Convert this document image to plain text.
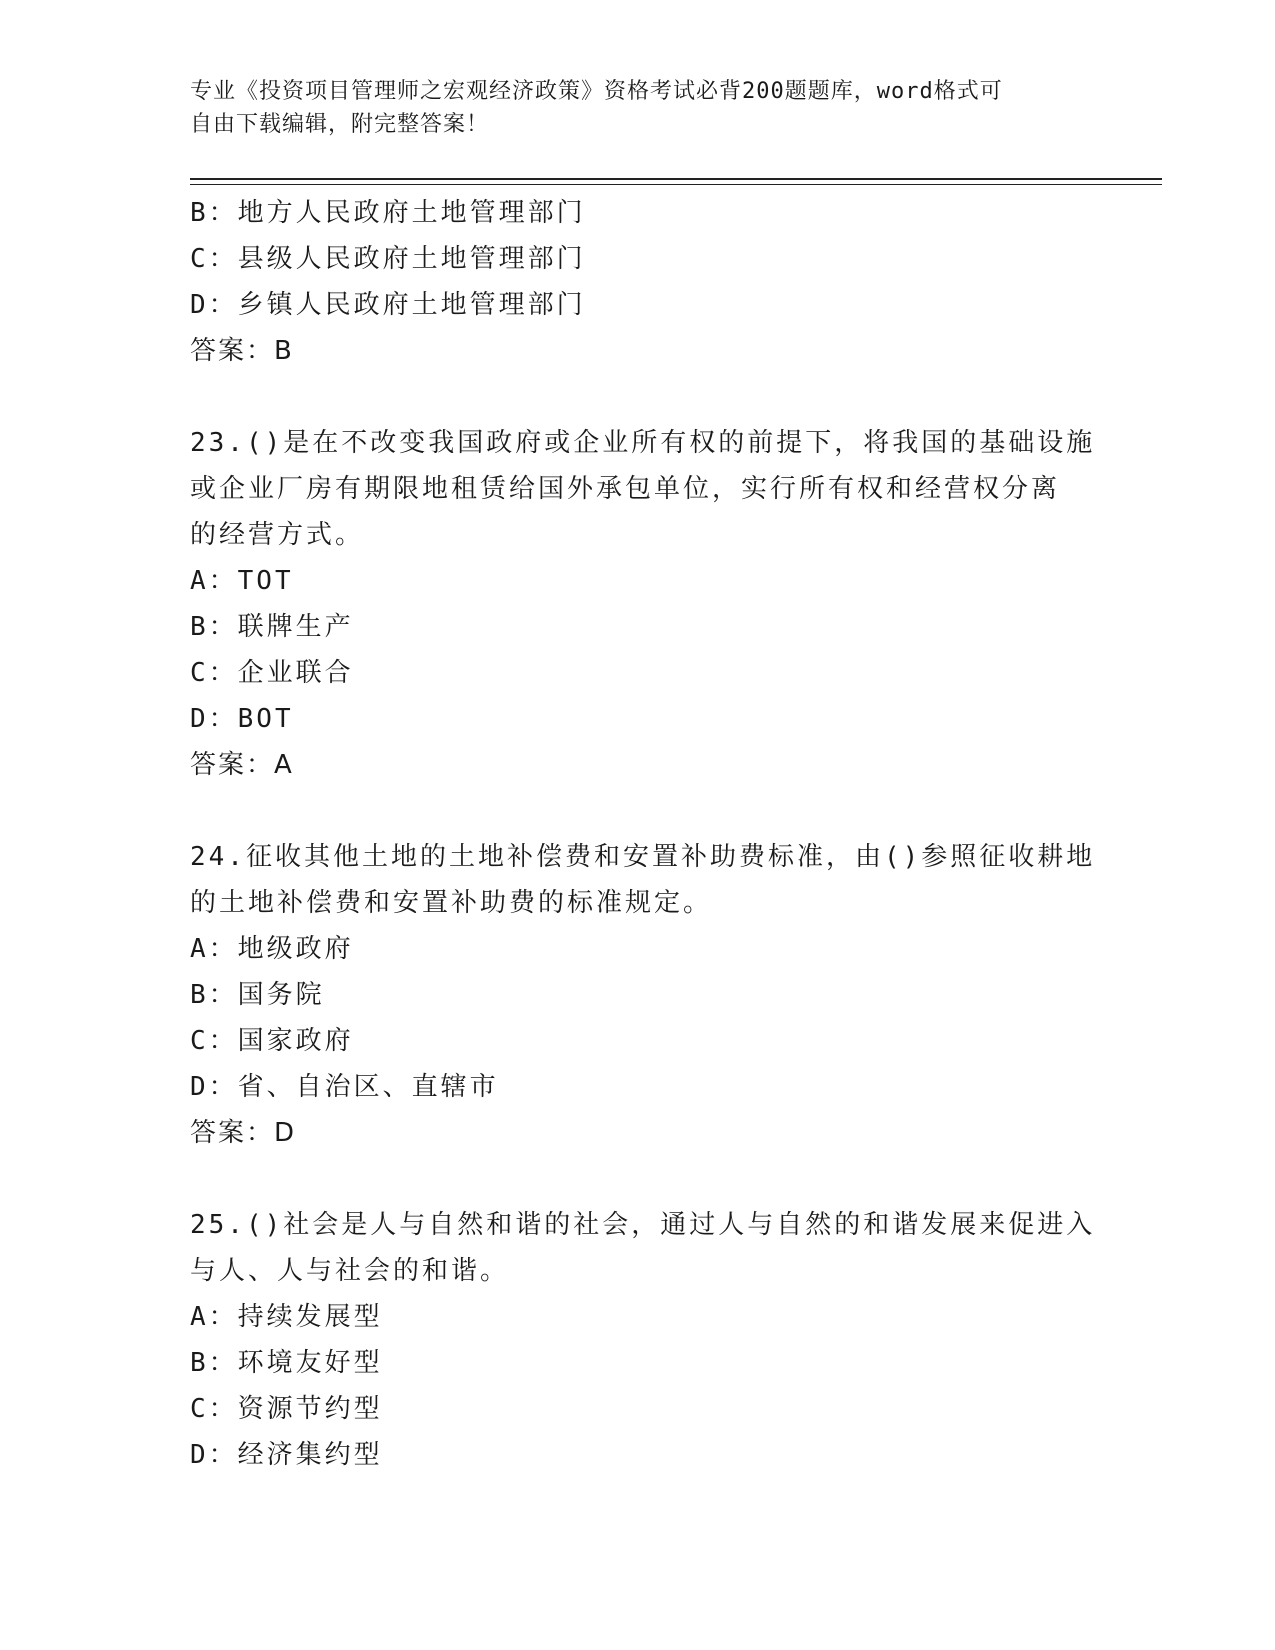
专业《投资项目管理师之宏观经济政策》资格考试必背200题题库，word格式可
自由下载编辑，附完整答案！
B：地方人民政府土地管理部门
C：县级人民政府土地管理部门
D：乡镇人民政府土地管理部门
答案：B
23.()是在不改变我国政府或企业所有权的前提下，将我国的基础设施
或企业厂房有期限地租赁给国外承包单位，实行所有权和经营权分离
的经营方式。
A：TOT
B：联牌生产
C：企业联合
D：BOT
答案：A
24.征收其他土地的土地补偿费和安置补助费标准，由()参照征收耕地
的土地补偿费和安置补助费的标准规定。
A：地级政府
B：国务院
C：国家政府
D：省、自治区、直辖市
答案：D
25.()社会是人与自然和谐的社会，通过人与自然的和谐发展来促进入
与人、人与社会的和谐。
A：持续发展型
B：环境友好型
C：资源节约型
D：经济集约型
